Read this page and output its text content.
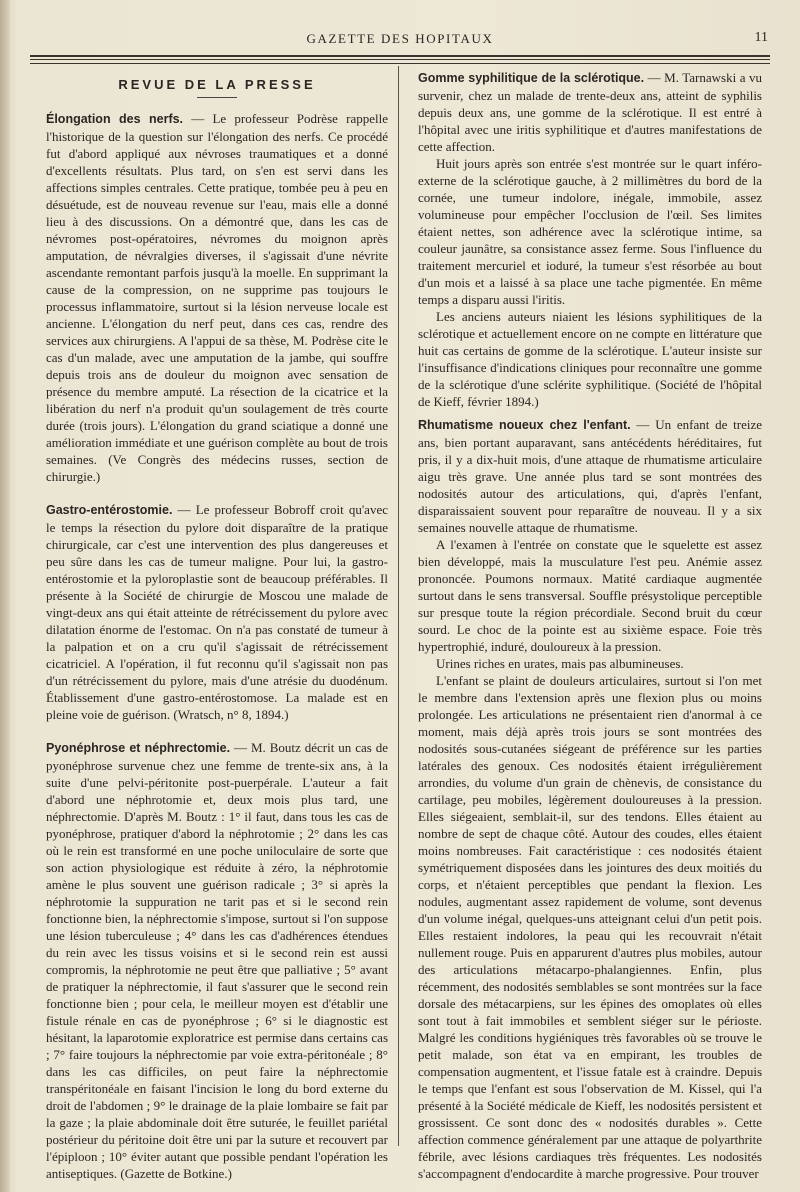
GAZETTE DES HOPITAUX	11
REVUE DE LA PRESSE

Élongation des nerfs. — Le professeur Podrèse rappelle l'historique de la question sur l'élongation des nerfs. Ce procédé fut d'abord appliqué aux névroses traumatiques et a donné d'excellents résultats. Plus tard, on s'en est servi dans les affections simples centrales. Cette pratique, tombée peu à peu en désuétude, est de nouveau revenue sur l'eau, mais elle a donné lieu à des discussions. On a démontré que, dans les cas de névromes post-opératoires, névromes du moignon après amputation, de névralgies diverses, il s'agissait d'une névrite ascendante remontant parfois jusqu'à la moelle. En supprimant la cause de la compression, on ne supprime pas toujours le processus inflammatoire, surtout si la lésion nerveuse locale est ancienne. L'élongation du nerf peut, dans ces cas, rendre des services aux chirurgiens. A l'appui de sa thèse, M. Podrèse cite le cas d'un malade, avec une amputation de la jambe, qui souffre depuis trois ans de douleur du moignon avec sensation de présence du membre amputé. La résection de la cicatrice et la libération du nerf n'a produit qu'un soulagement de très courte durée (trois jours). L'élongation du grand sciatique a donné une amélioration immédiate et une guérison complète au bout de trois semaines. (Ve Congrès des médecins russes, section de chirurgie.)

Gastro-entérostomie. — Le professeur Bobroff croit qu'avec le temps la résection du pylore doit disparaître de la pratique chirurgicale, car c'est une intervention des plus dangereuses et peu sûre dans les cas de tumeur maligne. Pour lui, la gastro-entérostomie et la pyloroplastie sont de beaucoup préférables. Il présente à la Société de chirurgie de Moscou une malade de vingt-deux ans qui était atteinte de rétrécissement du pylore avec dilatation énorme de l'estomac. On n'a pas constaté de tumeur à la palpation et on a cru qu'il s'agissait de rétrécissement cicatriciel. A l'opération, il fut reconnu qu'il s'agissait non pas d'un rétrécissement du pylore, mais d'une atrésie du duodénum. Établissement d'une gastro-entérostomose. La malade est en pleine voie de guérison. (Wratsch, n° 8, 1894.)

Pyonéphrose et néphrectomie. — M. Boutz décrit un cas de pyonéphrose survenue chez une femme de trente-six ans, à la suite d'une pelvi-péritonite post-puerpérale. L'auteur a fait d'abord une néphrotomie et, deux mois plus tard, une néphrectomie. D'après M. Boutz : 1° il faut, dans tous les cas de pyonéphrose, pratiquer d'abord la néphrotomie ; 2° dans les cas où le rein est transformé en une poche uniloculaire de sorte que son action physiologique est réduite à zéro, la néphrotomie amène le plus souvent une guérison radicale ; 3° si après la néphrotomie la suppuration ne tarit pas et si le second rein fonctionne bien, la néphrectomie s'impose, surtout si l'on suppose une lésion tuberculeuse ; 4° dans les cas d'adhérences étendues du rein avec les tissus voisins et si le second rein est aussi compromis, la néphrotomie ne peut être que palliative ; 5° avant de pratiquer la néphrectomie, il faut s'assurer que le second rein fonctionne bien ; pour cela, le meilleur moyen est d'établir une fistule rénale en cas de pyonéphrose ; 6° si le diagnostic est hésitant, la laparotomie exploratrice est permise dans certains cas ; 7° faire toujours la néphrectomie par voie extra-péritonéale ; 8° dans les cas difficiles, on peut faire la néphrectomie transpéritonéale en faisant l'incision le long du bord externe du droit de l'abdomen ; 9° le drainage de la plaie lombaire se fait par la gaze ; la plaie abdominale doit être suturée, le feuillet pariétal postérieur du péritoine doit être uni par la suture et recouvert par l'épiploon ; 10° éviter autant que possible pendant l'opération les antiseptiques. (Gazette de Botkine.)

Gomme syphilitique de la sclérotique. — M. Tarnawski a vu survenir, chez un malade de trente-deux ans, atteint de syphilis depuis deux ans, une gomme de la sclérotique. Il est entré à l'hôpital avec une iritis syphilitique et d'autres manifestations de cette affection.

Huit jours après son entrée s'est montrée sur le quart inféro-externe de la sclérotique gauche, à 2 millimètres du bord de la cornée, une tumeur indolore, inégale, immobile, assez volumineuse pour empêcher l'occlusion de l'œil. Ses limites étaient nettes, son adhérence avec la sclérotique intime, sa couleur jaunâtre, sa consistance assez ferme. Sous l'influence du traitement mercuriel et ioduré, la tumeur s'est résorbée au bout d'un mois et a laissé à sa place une tache pigmentée. En même temps a disparu aussi l'iritis.

Les anciens auteurs niaient les lésions syphilitiques de la sclérotique et actuellement encore on ne compte en littérature que huit cas certains de gomme de la sclérotique. L'auteur insiste sur l'insuffisance d'indications cliniques pour reconnaître une gomme de la sclérotique d'une sclérite syphilitique. (Société de l'hôpital de Kieff, février 1894.)

Rhumatisme noueux chez l'enfant. — Un enfant de treize ans, bien portant auparavant, sans antécédents héréditaires, fut pris, il y a dix-huit mois, d'une attaque de rhumatisme articulaire aigu très grave. Une année plus tard se sont montrées des nodosités autour des articulations, qui, d'après l'enfant, disparaissaient souvent pour reparaître de nouveau. Il y a six semaines nouvelle attaque de rhumatisme.

A l'examen à l'entrée on constate que le squelette est assez bien développé, mais la musculature l'est peu. Anémie assez prononcée. Poumons normaux. Matité cardiaque augmentée surtout dans le sens transversal. Souffle présystolique perceptible sur presque toute la région précordiale. Second bruit du cœur sourd. Le choc de la pointe est au sixième espace. Foie très hypertrophié, induré, douloureux à la pression.

Urines riches en urates, mais pas albumineuses.

L'enfant se plaint de douleurs articulaires, surtout si l'on met le membre dans l'extension après une flexion plus ou moins prolongée. Les articulations ne présentaient rien d'anormal à ce moment, mais déjà après trois jours se sont montrées des nodosités sous-cutanées siégeant de préférence sur les parties latérales des genoux. Ces nodosités étaient irrégulièrement arrondies, du volume d'un grain de chènevis, de consistance du cartilage, peu mobiles, légèrement douloureuses à la pression. Elles siégeaient, semblait-il, sur des tendons. Elles étaient au nombre de sept de chaque côté. Autour des coudes, elles étaient moins nombreuses. Fait caractéristique : ces nodosités étaient symétriquement disposées dans les jointures des deux moitiés du corps, et n'étaient perceptibles que pendant la flexion. Les nodules, augmentant assez rapidement de volume, sont devenus d'un volume inégal, quelques-uns atteignant celui d'un petit pois. Elles restaient indolores, la peau qui les recouvrait n'était nullement rouge. Puis en apparurent d'autres plus mobiles, autour des articulations métacarpo-phalangiennes. Enfin, plus récemment, des nodosités semblables se sont montrées sur la face dorsale des métacarpiens, sur les épines des omoplates où elles sont tout à fait immobiles et semblent siéger sur le périoste. Malgré les conditions hygiéniques très favorables où se trouve le petit malade, son état va en empirant, les troubles de compensation augmentent, et l'issue fatale est à craindre. Depuis le temps que l'enfant est sous l'observation de M. Kissel, qui l'a présenté à la Société médicale de Kieff, les nodosités persistent et grossissent. Ce sont donc des « nodosités durables ». Cette affection commence généralement par une attaque de polyarthrite fébrile, avec lésions cardiaques très fréquentes. Les nodosités s'accompagnent d'endocardite à marche progressive. Pour trouver
